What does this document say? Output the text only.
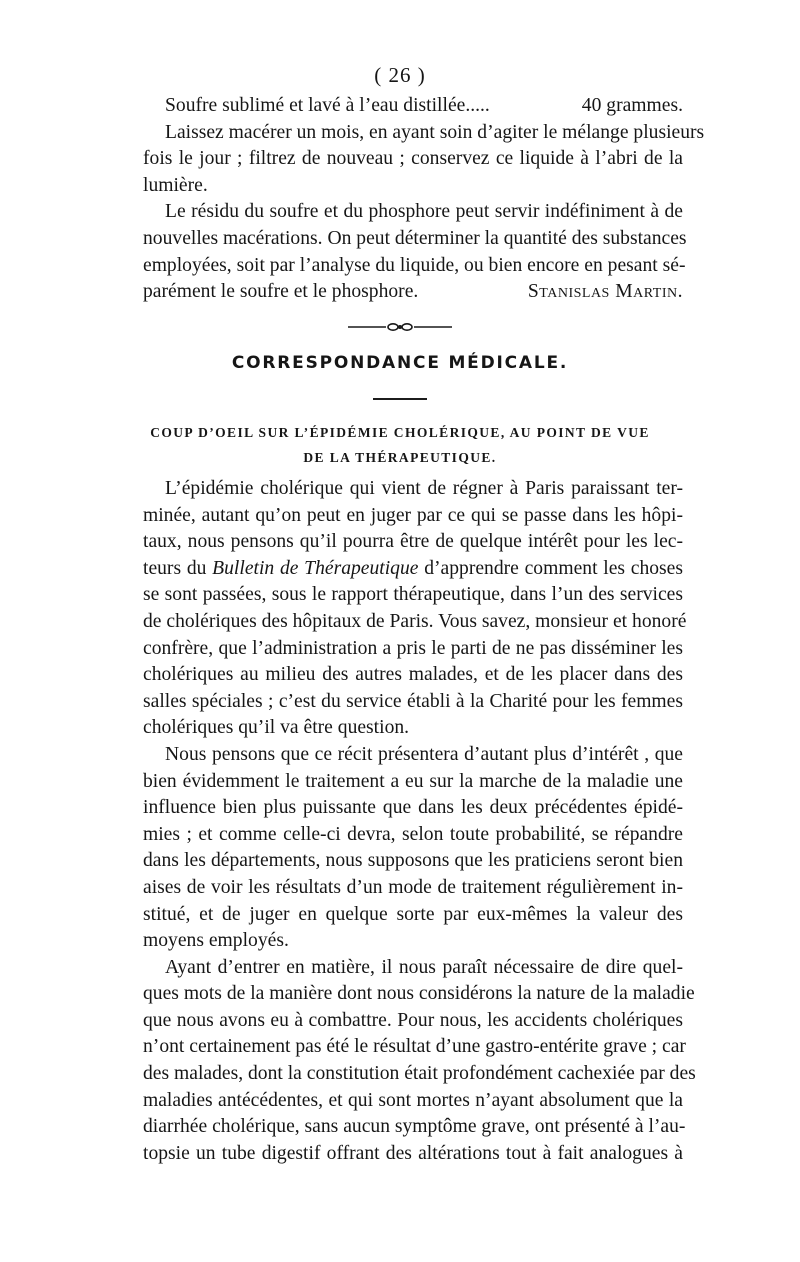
( 26 )
Soufre sublimé et lavé à l’eau distillée.....	40 grammes.
Laissez macérer un mois, en ayant soin d’agiter le mélange plusieurs
fois le jour ; filtrez de nouveau ; conservez ce liquide à l’abri de la
lumière.
Le résidu du soufre et du phosphore peut servir indéfiniment à de
nouvelles macérations. On peut déterminer la quantité des substances
employées, soit par l’analyse du liquide, ou bien encore en pesant sé-
parément le soufre et le phosphore.	Stanislas Martin.
CORRESPONDANCE MÉDICALE.
COUP D’OEIL SUR L’ÉPIDÉMIE CHOLÉRIQUE, AU POINT DE VUE
DE LA THÉRAPEUTIQUE.
L’épidémie cholérique qui vient de régner à Paris paraissant ter-
minée, autant qu’on peut en juger par ce qui se passe dans les hôpi-
taux, nous pensons qu’il pourra être de quelque intérêt pour les lec-
teurs du Bulletin de Thérapeutique d’apprendre comment les choses
se sont passées, sous le rapport thérapeutique, dans l’un des services
de cholériques des hôpitaux de Paris. Vous savez, monsieur et honoré
confrère, que l’administration a pris le parti de ne pas disséminer les
cholériques au milieu des autres malades, et de les placer dans des
salles spéciales ; c’est du service établi à la Charité pour les femmes
cholériques qu’il va être question.
Nous pensons que ce récit présentera d’autant plus d’intérêt , que
bien évidemment le traitement a eu sur la marche de la maladie une
influence bien plus puissante que dans les deux précédentes épidé-
mies ; et comme celle-ci devra, selon toute probabilité, se répandre
dans les départements, nous supposons que les praticiens seront bien
aises de voir les résultats d’un mode de traitement régulièrement in-
stitué, et de juger en quelque sorte par eux-mêmes la valeur des
moyens employés.
Ayant d’entrer en matière, il nous paraît nécessaire de dire quel-
ques mots de la manière dont nous considérons la nature de la maladie
que nous avons eu à combattre. Pour nous, les accidents cholériques
n’ont certainement pas été le résultat d’une gastro-entérite grave ; car
des malades, dont la constitution était profondément cachexiée par des
maladies antécédentes, et qui sont mortes n’ayant absolument que la
diarrhée cholérique, sans aucun symptôme grave, ont présenté à l’au-
topsie un tube digestif offrant des altérations tout à fait analogues à
